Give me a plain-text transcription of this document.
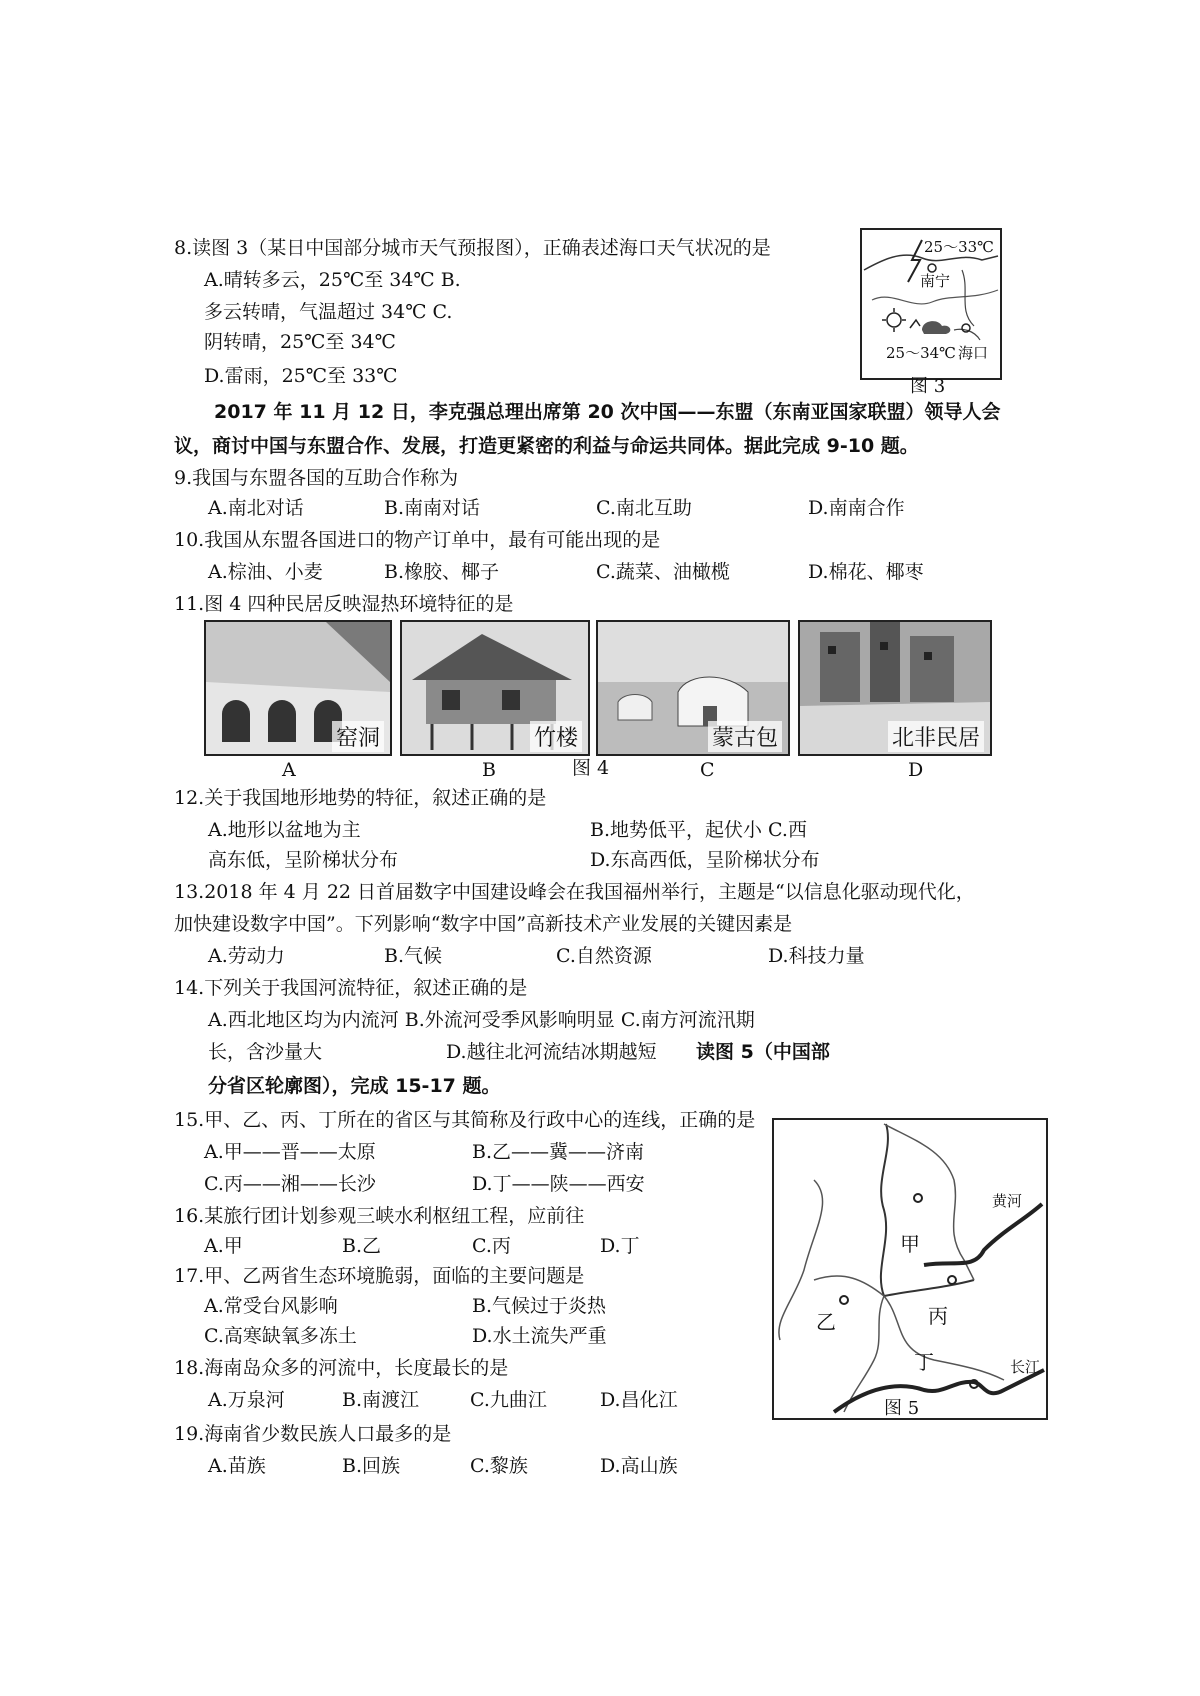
8.读图 3（某日中国部分城市天气预报图），正确表述海口天气状况的是
A.晴转多云，25℃至 34℃ B.
多云转晴，气温超过 34℃ C.
阴转晴，25℃至 34℃
D.雷雨，25℃至 33℃
25～33℃
南宁
25～34℃ 海口
图 3
2017 年 11 月 12 日，李克强总理出席第 20 次中国——东盟（东南亚国家联盟）领导人会
议，商讨中国与东盟合作、发展，打造更紧密的利益与命运共同体。据此完成 9-10 题。
9.我国与东盟各国的互助合作称为
A.南北对话	B.南南对话	C.南北互助	D.南南合作
10.我国从东盟各国进口的物产订单中，最有可能出现的是
A.棕油、小麦	B.橡胶、椰子	C.蔬菜、油橄榄	D.棉花、椰枣
11.图 4 四种民居反映湿热环境特征的是
窑洞	竹楼	蒙古包	北非民居
A	B	图 4	C	D
12.关于我国地形地势的特征，叙述正确的是
A.地形以盆地为主	B.地势低平，起伏小 C.西
高东低，呈阶梯状分布	D.东高西低，呈阶梯状分布
13.2018 年 4 月 22 日首届数字中国建设峰会在我国福州举行，主题是“以信息化驱动现代化，
加快建设数字中国”。下列影响“数字中国”高新技术产业发展的关键因素是
A.劳动力	B.气候	C.自然资源	D.科技力量
14.下列关于我国河流特征，叙述正确的是
A.西北地区均为内流河 B.外流河受季风影响明显 C.南方河流汛期
长，含沙量大	D.越往北河流结冰期越短 读图 5（中国部
分省区轮廓图），完成 15-17 题。
15.甲、乙、丙、丁所在的省区与其简称及行政中心的连线，正确的是
A.甲——晋——太原	B.乙——冀——济南
C.丙——湘——长沙	D.丁——陕——西安
16.某旅行团计划参观三峡水利枢纽工程，应前往
A.甲	B.乙	C.丙	D.丁
17.甲、乙两省生态环境脆弱，面临的主要问题是
A.常受台风影响	B.气候过于炎热
C.高寒缺氧多冻土	D.水土流失严重
18.海南岛众多的河流中，长度最长的是
A.万泉河	B.南渡江	C.九曲江	D.昌化江
19.海南省少数民族人口最多的是
A.苗族	B.回族	C.黎族	D.高山族
甲
乙	丙
丁
黄河
长江
图 5
